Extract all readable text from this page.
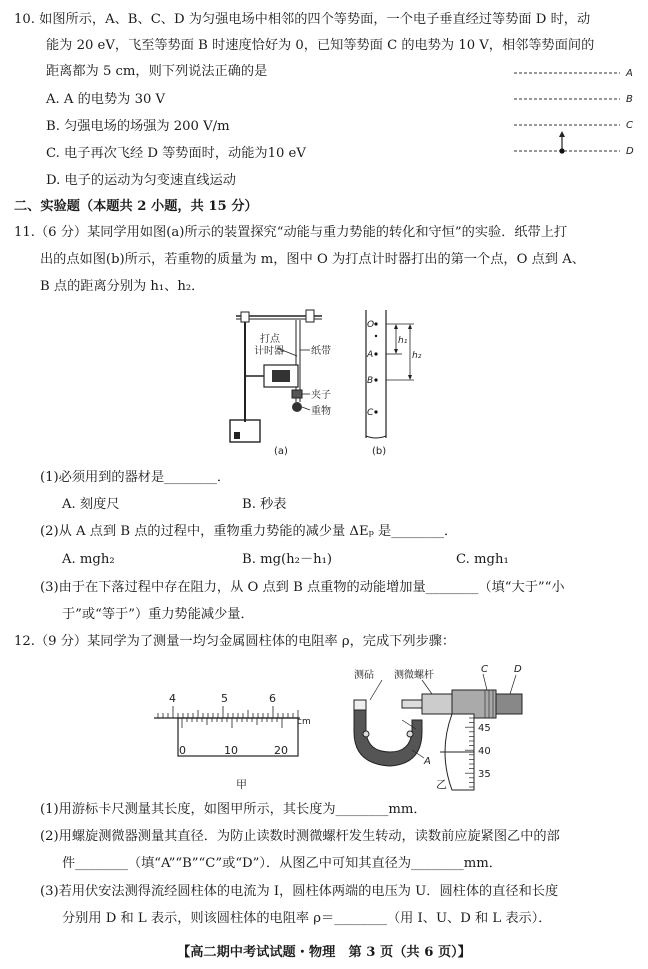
10. 如图所示，A、B、C、D 为匀强电场中相邻的四个等势面，一个电子垂直经过等势面 D 时，动
能为 20 eV，飞至等势面 B 时速度恰好为 0，已知等势面 C 的电势为 10 V，相邻等势面间的
距离都为 5 cm，则下列说法正确的是
A. A 的电势为 30 V
B. 匀强电场的场强为 200 V/m
C. 电子再次飞经 D 等势面时，动能为10 eV
D. 电子的运动为匀变速直线运动
A
B
C
D
二、实验题（本题共 2 小题，共 15 分）
11.（6 分）某同学用如图(a)所示的装置探究“动能与重力势能的转化和守恒”的实验．纸带上打
出的点如图(b)所示，若重物的质量为 m，图中 O 为打点计时器打出的第一个点，O 点到 A、
B 点的距离分别为 h₁、h₂．
打点
计时器	纸带
夹子
重物
(a)
O
A
B
C
h₁
h₂
(b)
(1)必须用到的器材是________．
A. 刻度尺	B. 秒表
(2)从 A 点到 B 点的过程中，重物重力势能的减少量 ΔEₚ 是________．
A. mgh₂	B. mg(h₂－h₁)	C. mgh₁
(3)由于在下落过程中存在阻力，从 O 点到 B 点重物的动能增加量________（填“大于”“小
于”或“等于”）重力势能减少量．
12.（9 分）某同学为了测量一均匀金属圆柱体的电阻率 ρ，完成下列步骤：
4	5	6
cm
0	10	20
甲
测砧 测微螺杆
C	D
A
45
40
35
乙
(1)用游标卡尺测量其长度，如图甲所示，其长度为________mm．
(2)用螺旋测微器测量其直径．为防止读数时测微螺杆发生转动，读数前应旋紧图乙中的部
件________（填“A”“B”“C”或“D”）．从图乙中可知其直径为________mm．
(3)若用伏安法测得流经圆柱体的电流为 I，圆柱体两端的电压为 U．圆柱体的直径和长度
分别用 D 和 L 表示，则该圆柱体的电阻率 ρ＝________（用 I、U、D 和 L 表示）．
【高二期中考试试题・物理　第 3 页（共 6 页）】
